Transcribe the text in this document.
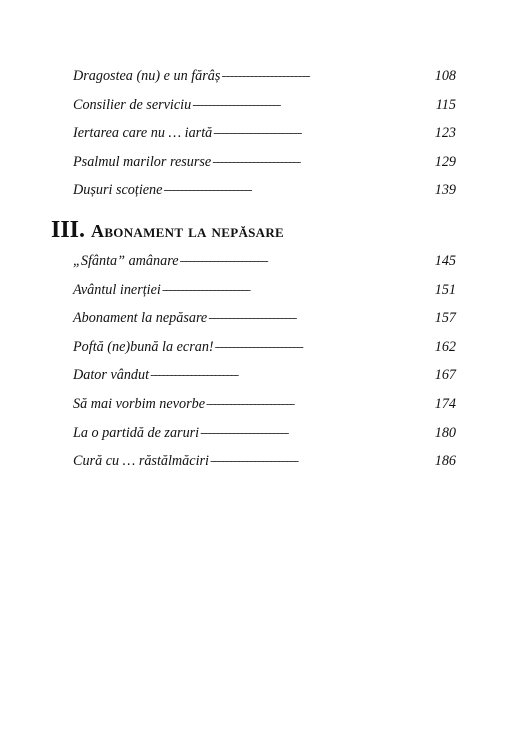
Dragostea (nu) e un fărâș . . .	108
Consilier de serviciu . . .	115
Iertarea care nu … iartă . . .	123
Psalmul marilor resurse . . .	129
Dușuri scoțiene . . .	139
III. Abonament la nepăsare
„Sfânta” amânare . . .	145
Avântul inerției . . .	151
Abonament la nepăsare . . .	157
Poftă (ne)bună la ecran! . . .	162
Dator vândut . . .	167
Să mai vorbim nevorbe . . .	174
La o partidă de zaruri . . .	180
Cură cu … răstălmăciri . . .	186
